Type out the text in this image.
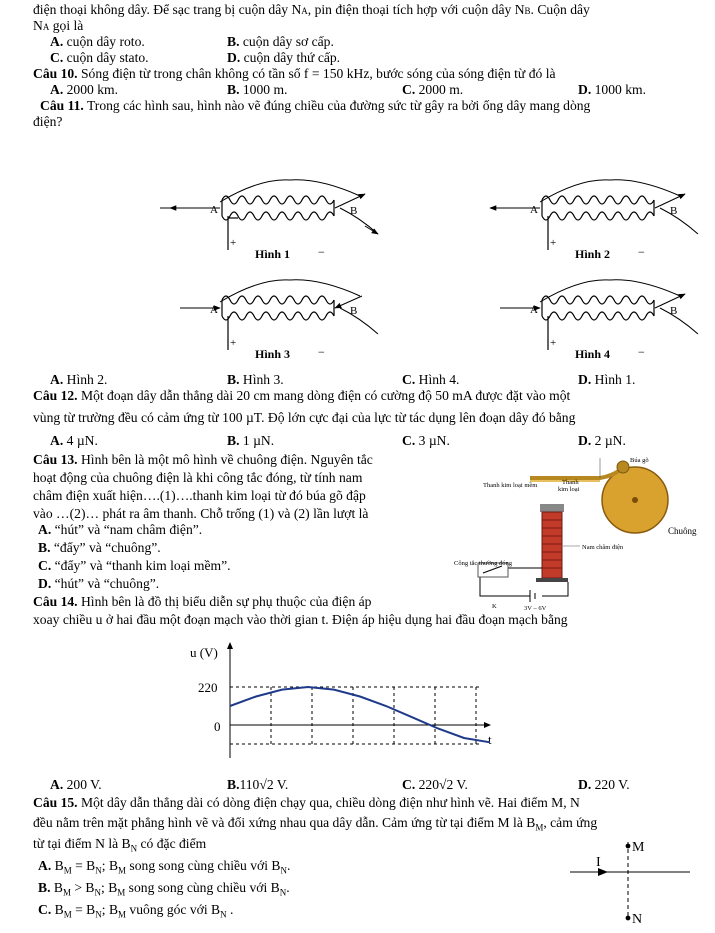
điện thoại không dây. Để sạc trang bị cuộn dây NA, pin điện thoại tích hợp với cuộn dây NB. Cuộn dây
NA gọi là
A. cuộn dây roto.	B. cuộn dây sơ cấp.
C. cuộn dây stato.	D. cuộn dây thứ cấp.
Câu 10. Sóng điện từ trong chân không có tần số f = 150 kHz, bước sóng của sóng điện từ đó là
A. 2000 km.	B. 1000 m.	C. 2000 m.	D. 1000 km.
Câu 11. Trong các hình sau, hình nào vẽ đúng chiều của đường sức từ gây ra bởi ống dây mang dòng
điện?
A	B
+
Hình 1 −
A	B
+
Hình 2 −
A	B
+
Hình 3 −
A	B
+
Hình 4 −
A. Hình 2.	B. Hình 3.	C. Hình 4.	D. Hình 1.
Câu 12. Một đoạn dây dẫn thẳng dài 20 cm mang dòng điện có cường độ 50 mA được đặt vào một
vùng từ trường đều có cảm ứng từ 100 µT. Độ lớn cực đại của lực từ tác dụng lên đoạn dây đó bằng
A. 4 µN.	B. 1 µN.	C. 3 µN.	D. 2 µN.
Câu 13. Hình bên là một mô hình về chuông điện. Nguyên tắc
hoạt động của chuông điện là khi công tắc đóng, từ tính nam
châm điện xuất hiện….(1)….thanh kim loại từ đó búa gõ đập
vào …(2)… phát ra âm thanh. Chỗ trống (1) và (2) lần lượt là
A. “hút” và “nam châm điện”.
B. “đẩy” và “chuông”.
C. “đẩy” và “thanh kim loại mềm”.
D. “hút” và “chuông”.
Thanh kim loại mềm	Thanh
kim loại
Búa gõ
Chuông
Nam châm điện
Công tắc thường đóng
K	3V – 6V
Câu 14. Hình bên là đồ thị biểu diễn sự phụ thuộc của điện áp
xoay chiều u ở hai đầu một đoạn mạch vào thời gian t. Điện áp hiệu dụng hai đầu đoạn mạch bằng
u (V)
220
0
t
A. 200 V.	B.110√2 V.	C. 220√2 V.	D. 220 V.
Câu 15. Một dây dẫn thẳng dài có dòng điện chạy qua, chiều dòng điện như hình vẽ. Hai điểm M, N
đều nằm trên mặt phẳng hình vẽ và đối xứng nhau qua dây dẫn. Cảm ứng từ tại điểm M là $B_M$, cảm ứng
từ tại điểm N là $B_N$ có đặc điểm
A. $B_M = B_N$; $B_M$ song song cùng chiều với $B_N$.
B. $B_M > B_N$; $B_M$ song song cùng chiều với $B_N$.
C. $B_M = B_N$; $B_M$ vuông góc với $B_N$ .
M
N
I
